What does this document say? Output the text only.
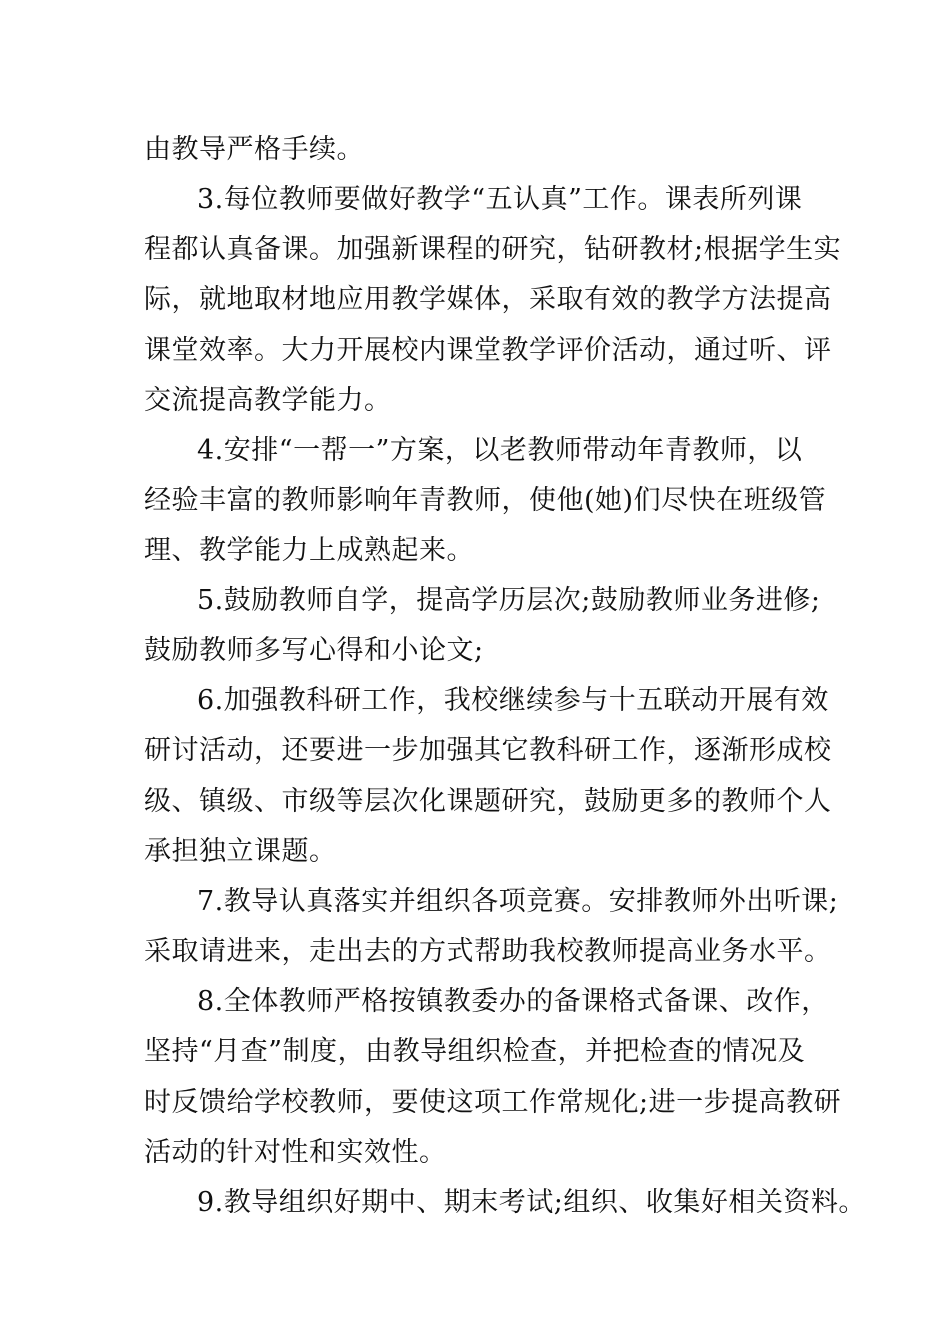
由教导严格手续。
3.每位教师要做好教学“五认真”工作。课表所列课
程都认真备课。加强新课程的研究，钻研教材;根据学生实
际，就地取材地应用教学媒体，采取有效的教学方法提高
课堂效率。大力开展校内课堂教学评价活动，通过听、评
交流提高教学能力。
4.安排“一帮一”方案，以老教师带动年青教师，以
经验丰富的教师影响年青教师，使他(她)们尽快在班级管
理、教学能力上成熟起来。
5.鼓励教师自学，提高学历层次;鼓励教师业务进修;
鼓励教师多写心得和小论文;
6.加强教科研工作，我校继续参与十五联动开展有效
研讨活动，还要进一步加强其它教科研工作，逐渐形成校
级、镇级、市级等层次化课题研究，鼓励更多的教师个人
承担独立课题。
7.教导认真落实并组织各项竞赛。安排教师外出听课;
采取请进来，走出去的方式帮助我校教师提高业务水平。
8.全体教师严格按镇教委办的备课格式备课、改作，
坚持“月查”制度，由教导组织检查，并把检查的情况及
时反馈给学校教师，要使这项工作常规化;进一步提高教研
活动的针对性和实效性。
9.教导组织好期中、期末考试;组织、收集好相关资料。
